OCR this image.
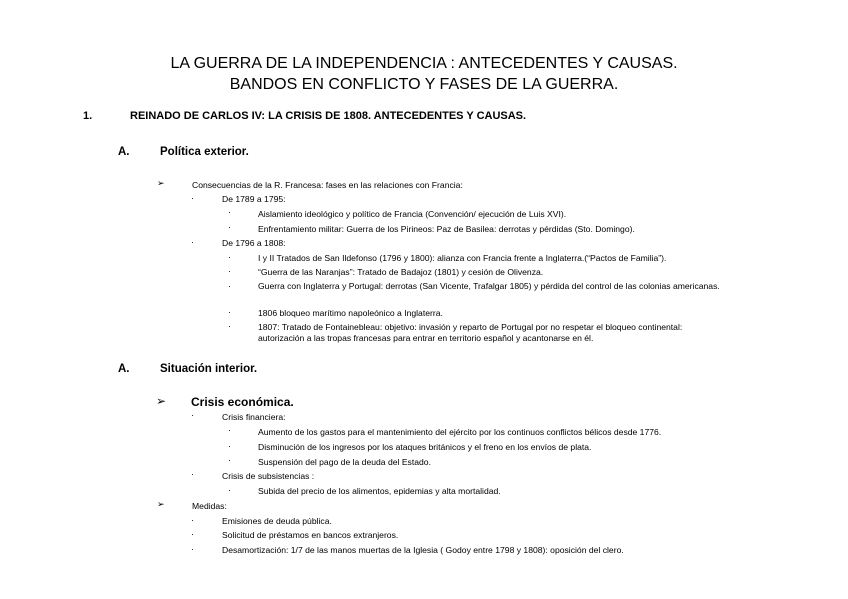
LA GUERRA DE LA INDEPENDENCIA : ANTECEDENTES Y CAUSAS.
BANDOS EN CONFLICTO Y FASES DE LA GUERRA.
1.	REINADO DE CARLOS IV: LA CRISIS DE 1808. ANTECEDENTES Y CAUSAS.
A.	Política exterior.
➢	Consecuencias de la R. Francesa: fases en las relaciones con Francia:
·	De 1789 a 1795:
·	Aislamiento ideológico y político de Francia (Convención/ ejecución de Luis XVI).
·	Enfrentamiento militar: Guerra de los Pirineos: Paz de Basilea: derrotas y pérdidas (Sto. Domingo).
·	De 1796 a 1808:
·	I y II Tratados de San Ildefonso (1796 y 1800): alianza con Francia frente a Inglaterra.(“Pactos de Familia”).
·	“Guerra de las Naranjas”: Tratado de Badajoz (1801) y cesión de Olivenza.
·	Guerra con Inglaterra y Portugal: derrotas (San Vicente, Trafalgar 1805) y pérdida del control de las colonias americanas.
·	1806 bloqueo marítimo napoleónico a Inglaterra.
·	1807: Tratado de Fontainebleau: objetivo: invasión y reparto de Portugal por no respetar el bloqueo continental: autorización a las tropas francesas para entrar en territorio español y acantonarse en él.
A.	Situación interior.
➢ Crisis económica.
·	Crisis financiera:
·	Aumento de los gastos para el mantenimiento del ejército por los continuos conflictos bélicos desde 1776.
·	Disminución de los ingresos por los ataques británicos y el freno en los envíos de plata.
·	Suspensión del pago de la deuda del Estado.
·	Crisis de subsistencias :
·	Subida del precio de los alimentos, epidemias y alta mortalidad.
➢	Medidas:
·	Emisiones de deuda pública.
·	Solicitud de préstamos en bancos extranjeros.
·	Desamortización: 1/7 de las manos muertas de la Iglesia ( Godoy entre 1798 y 1808): oposición del clero.
